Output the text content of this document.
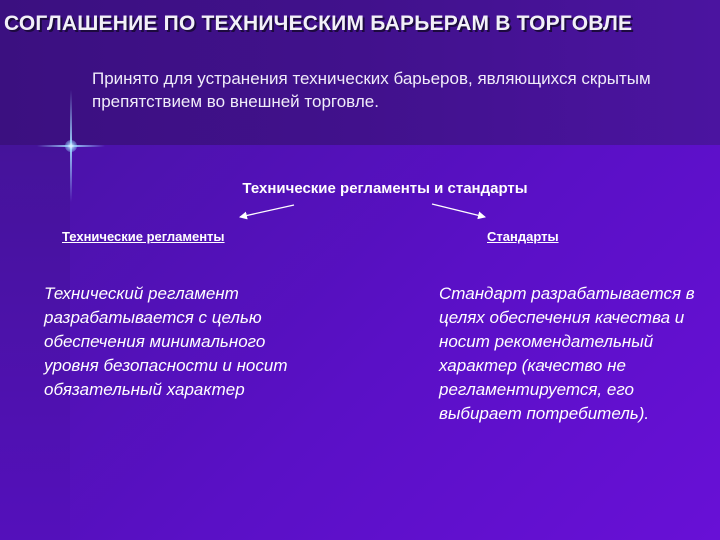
СОГЛАШЕНИЕ ПО ТЕХНИЧЕСКИМ БАРЬЕРАМ В ТОРГОВЛЕ

Принято для устранения технических барьеров, являющихся скрытым препятствием во внешней торговле.

Технические регламенты и стандарты

Технические регламенты	Стандарты

Технический регламент разрабатывается с целью обеспечения минимального уровня безопасности и носит обязательный характер

Стандарт разрабатывается в целях обеспечения качества и носит рекомендательный характер (качество не регламентируется, его выбирает потребитель).
